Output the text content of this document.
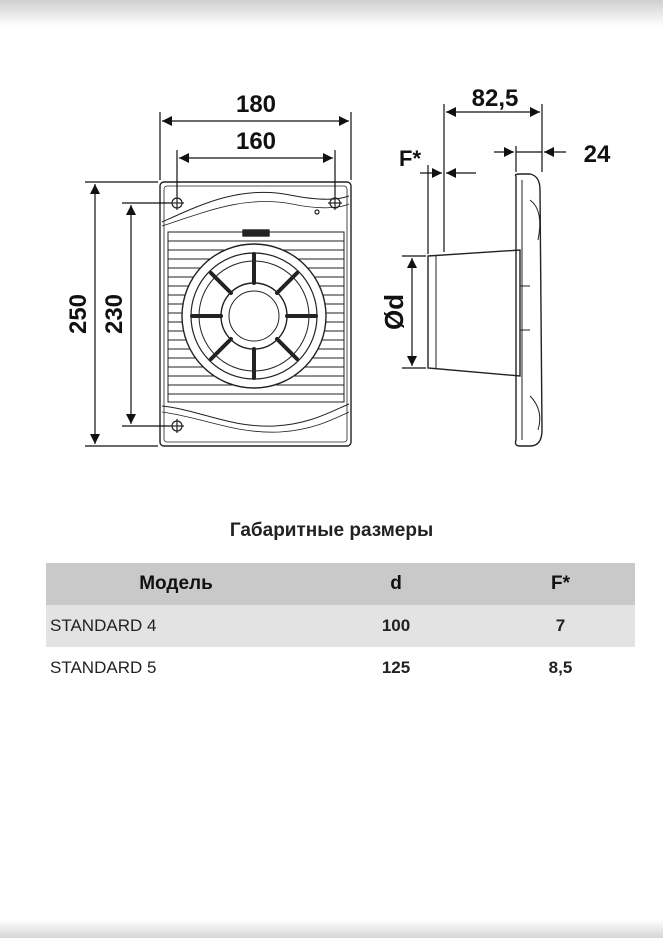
180
160
250 230
82,5
24
F*
Ød
Габаритные размеры
Модель	d	F*
STANDARD 4	100	7
STANDARD 5	125	8,5
